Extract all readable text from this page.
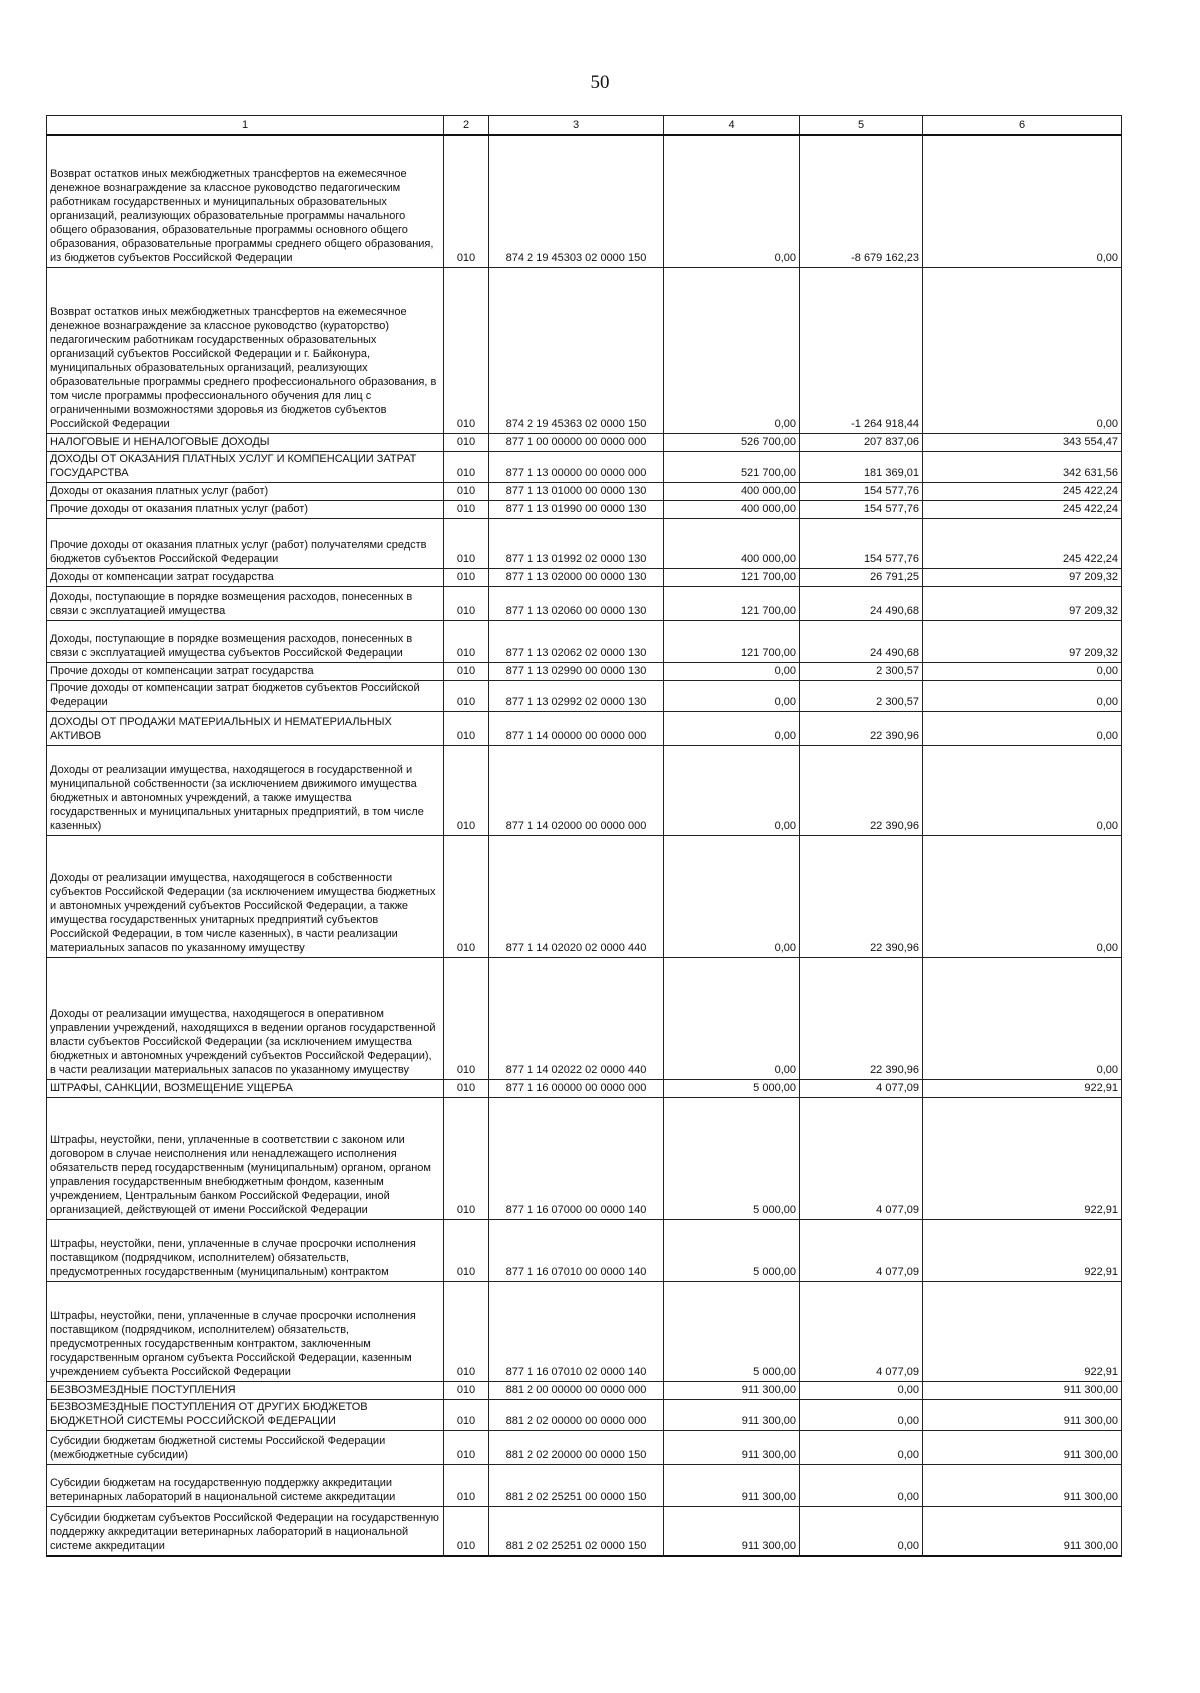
50
1	2	3	4	5	6
Возврат остатков иных межбюджетных трансфертов на ежемесячное денежное вознаграждение за классное руководство педагогическим работникам государственных и муниципальных образовательных организаций, реализующих образовательные программы начального общего образования, образовательные программы основного общего образования, образовательные программы среднего общего образования, из бюджетов субъектов Российской Федерации	010	874 2 19 45303 02 0000 150	0,00	-8 679 162,23	0,00
Возврат остатков иных межбюджетных трансфертов на ежемесячное денежное вознаграждение за классное руководство (кураторство) педагогическим работникам государственных образовательных организаций субъектов Российской Федерации и г. Байконура, муниципальных образовательных организаций, реализующих образовательные программы среднего профессионального образования, в том числе программы профессионального обучения для лиц с ограниченными возможностями здоровья из бюджетов субъектов Российской Федерации	010	874 2 19 45363 02 0000 150	0,00	-1 264 918,44	0,00
НАЛОГОВЫЕ И НЕНАЛОГОВЫЕ ДОХОДЫ	010	877 1 00 00000 00 0000 000	526 700,00	207 837,06	343 554,47
ДОХОДЫ ОТ ОКАЗАНИЯ ПЛАТНЫХ УСЛУГ И КОМПЕНСАЦИИ ЗАТРАТ ГОСУДАРСТВА	010	877 1 13 00000 00 0000 000	521 700,00	181 369,01	342 631,56
Доходы от оказания платных услуг (работ)	010	877 1 13 01000 00 0000 130	400 000,00	154 577,76	245 422,24
Прочие доходы от оказания платных услуг (работ)	010	877 1 13 01990 00 0000 130	400 000,00	154 577,76	245 422,24
Прочие доходы от оказания платных услуг (работ) получателями средств бюджетов субъектов Российской Федерации	010	877 1 13 01992 02 0000 130	400 000,00	154 577,76	245 422,24
Доходы от компенсации затрат государства	010	877 1 13 02000 00 0000 130	121 700,00	26 791,25	97 209,32
Доходы, поступающие в порядке возмещения расходов, понесенных в связи с эксплуатацией имущества	010	877 1 13 02060 00 0000 130	121 700,00	24 490,68	97 209,32
Доходы, поступающие в порядке возмещения расходов, понесенных в связи с эксплуатацией имущества субъектов Российской Федерации	010	877 1 13 02062 02 0000 130	121 700,00	24 490,68	97 209,32
Прочие доходы от компенсации затрат государства	010	877 1 13 02990 00 0000 130	0,00	2 300,57	0,00
Прочие доходы от компенсации затрат бюджетов субъектов Российской Федерации	010	877 1 13 02992 02 0000 130	0,00	2 300,57	0,00
ДОХОДЫ ОТ ПРОДАЖИ МАТЕРИАЛЬНЫХ И НЕМАТЕРИАЛЬНЫХ АКТИВОВ	010	877 1 14 00000 00 0000 000	0,00	22 390,96	0,00
Доходы от реализации имущества, находящегося в государственной и муниципальной собственности (за исключением движимого имущества бюджетных и автономных учреждений, а также имущества государственных и муниципальных унитарных предприятий, в том числе казенных)	010	877 1 14 02000 00 0000 000	0,00	22 390,96	0,00
Доходы от реализации имущества, находящегося в собственности субъектов Российской Федерации (за исключением имущества бюджетных и автономных учреждений субъектов Российской Федерации, а также имущества государственных унитарных предприятий субъектов Российской Федерации, в том числе казенных), в части реализации материальных запасов по указанному имуществу	010	877 1 14 02020 02 0000 440	0,00	22 390,96	0,00
Доходы от реализации имущества, находящегося в оперативном управлении учреждений, находящихся в ведении органов государственной власти субъектов Российской Федерации (за исключением имущества бюджетных и автономных учреждений субъектов Российской Федерации), в части реализации материальных запасов по указанному имуществу	010	877 1 14 02022 02 0000 440	0,00	22 390,96	0,00
ШТРАФЫ, САНКЦИИ, ВОЗМЕЩЕНИЕ УЩЕРБА	010	877 1 16 00000 00 0000 000	5 000,00	4 077,09	922,91
Штрафы, неустойки, пени, уплаченные в соответствии с законом или договором в случае неисполнения или ненадлежащего исполнения обязательств перед государственным (муниципальным) органом, органом управления государственным внебюджетным фондом, казенным учреждением, Центральным банком Российской Федерации, иной организацией, действующей от имени Российской Федерации	010	877 1 16 07000 00 0000 140	5 000,00	4 077,09	922,91
Штрафы, неустойки, пени, уплаченные в случае просрочки исполнения поставщиком (подрядчиком, исполнителем) обязательств, предусмотренных государственным (муниципальным) контрактом	010	877 1 16 07010 00 0000 140	5 000,00	4 077,09	922,91
Штрафы, неустойки, пени, уплаченные в случае просрочки исполнения поставщиком (подрядчиком, исполнителем) обязательств, предусмотренных государственным контрактом, заключенным государственным органом субъекта Российской Федерации, казенным учреждением субъекта Российской Федерации	010	877 1 16 07010 02 0000 140	5 000,00	4 077,09	922,91
БЕЗВОЗМЕЗДНЫЕ ПОСТУПЛЕНИЯ	010	881 2 00 00000 00 0000 000	911 300,00	0,00	911 300,00
БЕЗВОЗМЕЗДНЫЕ ПОСТУПЛЕНИЯ ОТ ДРУГИХ БЮДЖЕТОВ БЮДЖЕТНОЙ СИСТЕМЫ РОССИЙСКОЙ ФЕДЕРАЦИИ	010	881 2 02 00000 00 0000 000	911 300,00	0,00	911 300,00
Субсидии бюджетам бюджетной системы Российской Федерации (межбюджетные субсидии)	010	881 2 02 20000 00 0000 150	911 300,00	0,00	911 300,00
Субсидии бюджетам на государственную поддержку аккредитации ветеринарных лабораторий в национальной системе аккредитации	010	881 2 02 25251 00 0000 150	911 300,00	0,00	911 300,00
Субсидии бюджетам субъектов Российской Федерации на государственную поддержку аккредитации ветеринарных лабораторий в национальной системе аккредитации	010	881 2 02 25251 02 0000 150	911 300,00	0,00	911 300,00
